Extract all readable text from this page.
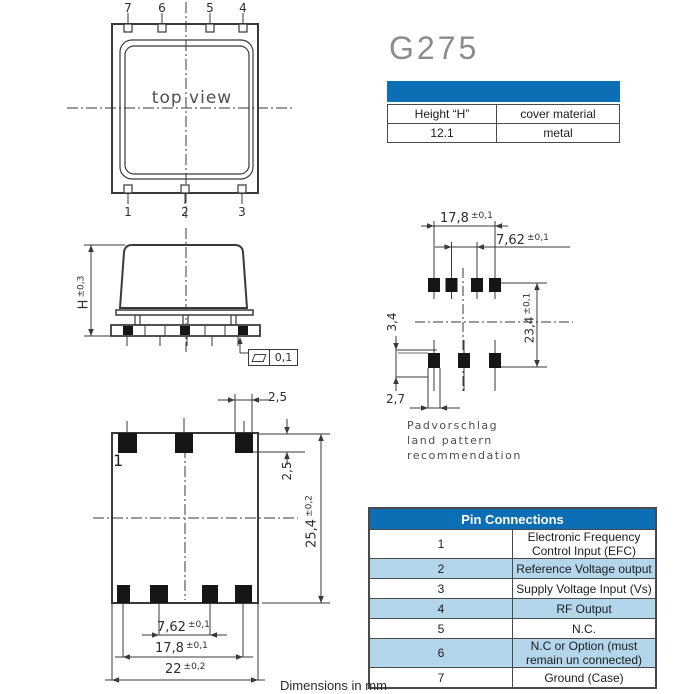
7 6	5 4
1	2	3
top view
G275
Height “H”	cover material
12.1	metal
$H^{\pm 0,3}$
0,1
17,8 $^{\pm 0,1}$
7,62 $^{\pm 0,1}$
$23,4^{\pm 0,1}$
3,4
2,7
Padvorschlag
land pattern
recommendation
1
2,5
2,5
$25,4^{\pm 0,2}$
7,62 $^{\pm 0,1}$
17,8 $^{\pm 0,1}$
22 $^{\pm 0,2}$
Pin Connections	
1	Electronic Frequency Control Input (EFC)
2	Reference Voltage output
3	Supply Voltage Input (Vs)
4	RF Output
5	N.C.
6	N.C or Option (must remain un connected)
7	Ground (Case)
Dimensions in mm
